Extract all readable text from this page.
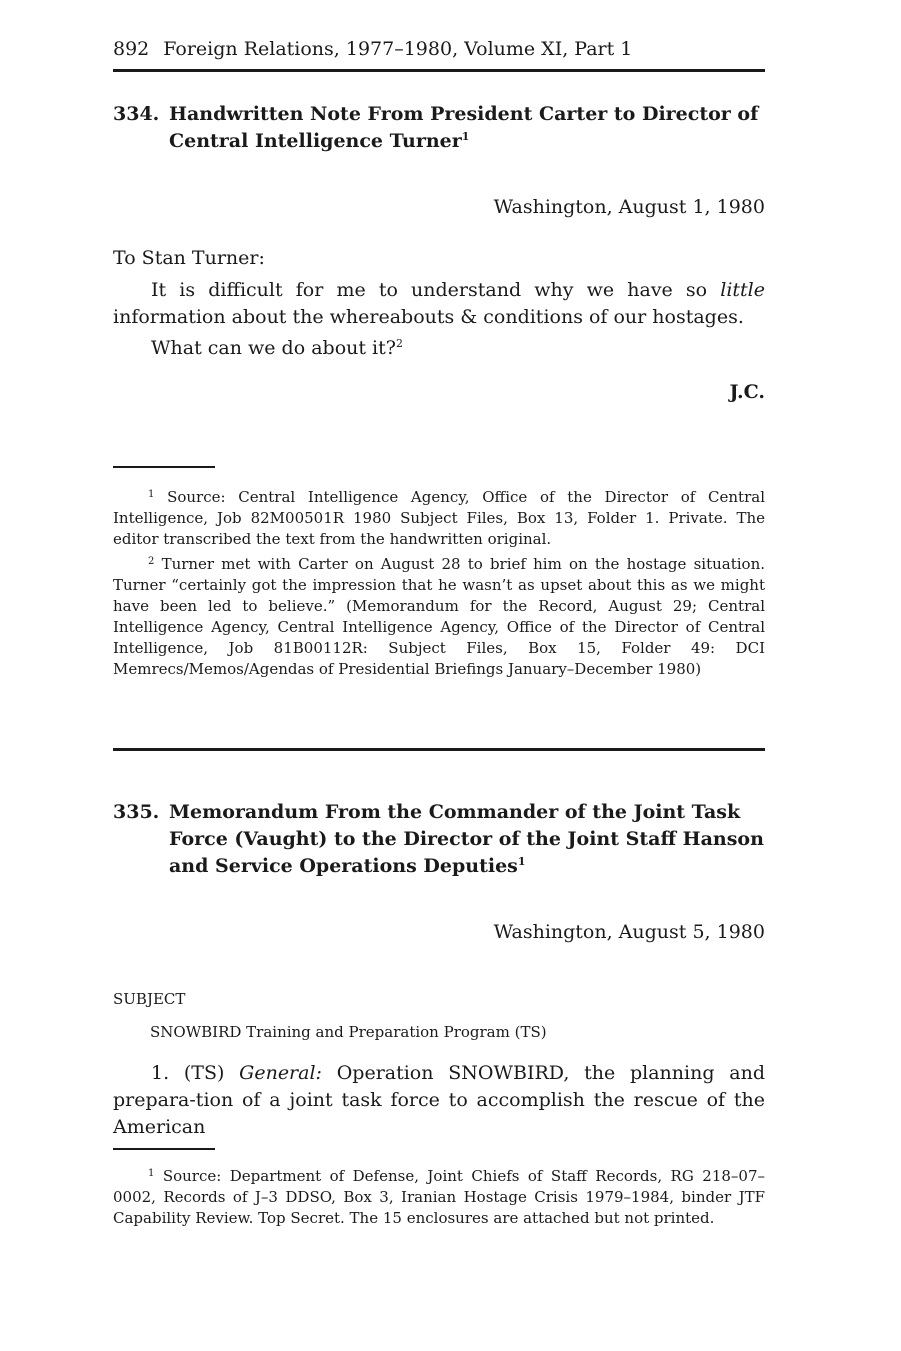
892 Foreign Relations, 1977–1980, Volume XI, Part 1
334. Handwritten Note From President Carter to Director of Central Intelligence Turner$^1$
Washington, August 1, 1980
To Stan Turner:

It is difficult for me to understand why we have so little information about the whereabouts & conditions of our hostages.

What can we do about it?$^2$

J.C.

$^1$ Source: Central Intelligence Agency, Office of the Director of Central Intelligence, Job 82M00501R 1980 Subject Files, Box 13, Folder 1. Private. The editor transcribed the text from the handwritten original.

$^2$ Turner met with Carter on August 28 to brief him on the hostage situation. Turner “certainly got the impression that he wasn’t as upset about this as we might have been led to believe.” (Memorandum for the Record, August 29; Central Intelligence Agency, Central Intelligence Agency, Office of the Director of Central Intelligence, Job 81B00112R: Subject Files, Box 15, Folder 49: DCI Memrecs/Memos/Agendas of Presidential Briefings January–December 1980)

335. Memorandum From the Commander of the Joint Task Force (Vaught) to the Director of the Joint Staff Hanson and Service Operations Deputies$^1$
Washington, August 5, 1980
SUBJECT
SNOWBIRD Training and Preparation Program (TS)

1. (TS) General: Operation SNOWBIRD, the planning and prepara-tion of a joint task force to accomplish the rescue of the American

$^1$ Source: Department of Defense, Joint Chiefs of Staff Records, RG 218–07–0002, Records of J–3 DDSO, Box 3, Iranian Hostage Crisis 1979–1984, binder JTF Capability Review. Top Secret. The 15 enclosures are attached but not printed.
